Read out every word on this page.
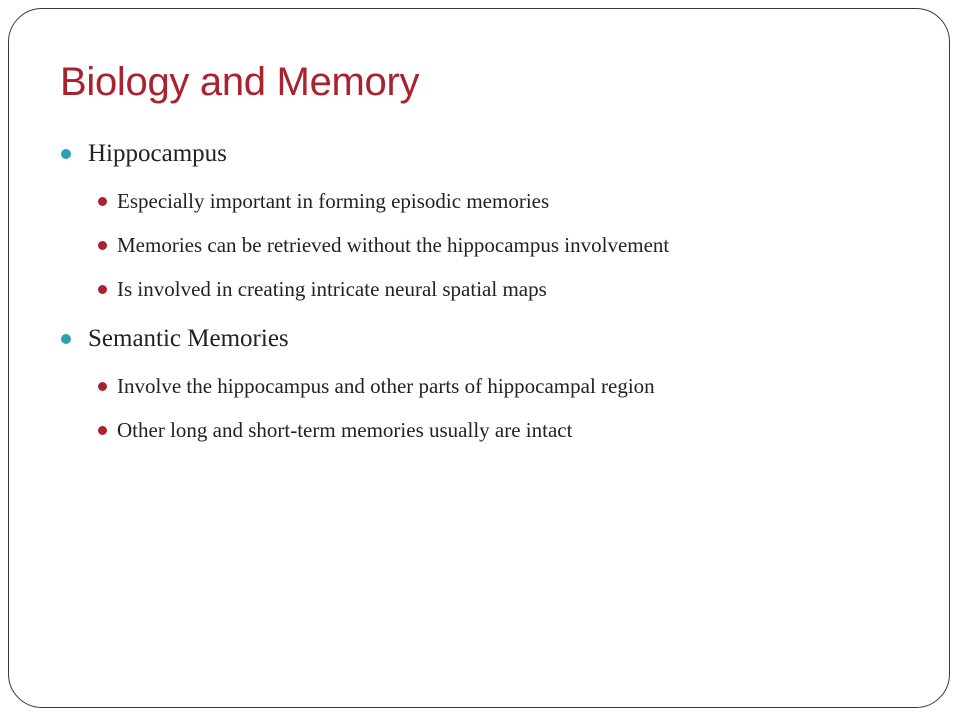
Biology and Memory
Hippocampus
Especially important in forming episodic memories
Memories can be retrieved without the hippocampus involvement
Is involved in creating intricate neural spatial maps
Semantic Memories
Involve the hippocampus and other parts of hippocampal region
Other long and short-term memories usually are intact
